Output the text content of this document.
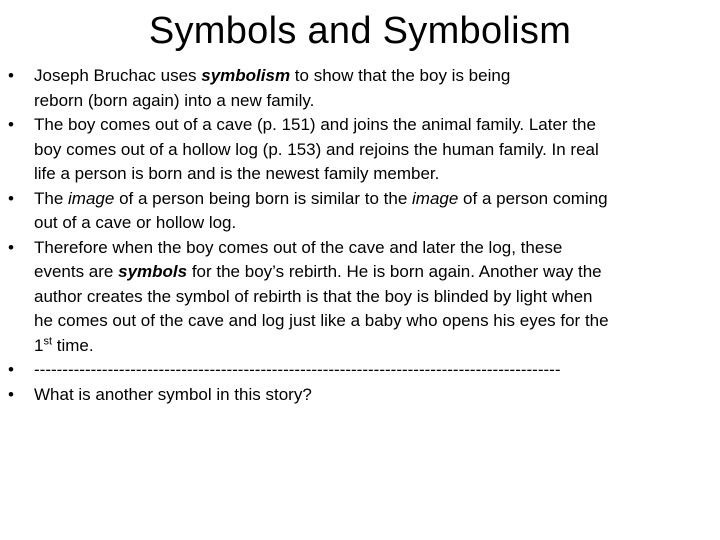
Symbols and Symbolism
•	Joseph Bruchac uses symbolism to show that the boy is being
reborn (born again) into a new family.
•	The boy comes out of a cave (p. 151) and joins the animal family. Later the
boy comes out of a hollow log (p. 153) and rejoins the human family. In real
life a person is born and is the newest family member.
•	The image of a person being born is similar to the image of a person coming
out of a cave or hollow log.
•	Therefore when the boy comes out of the cave and later the log, these
events are symbols for the boy’s rebirth. He is born again. Another way the
author creates the symbol of rebirth is that the boy is blinded by light when
he comes out of the cave and log just like a baby who opens his eyes for the
1st time.
•	---------------------------------------------------------------------------------------------
•	What is another symbol in this story?
